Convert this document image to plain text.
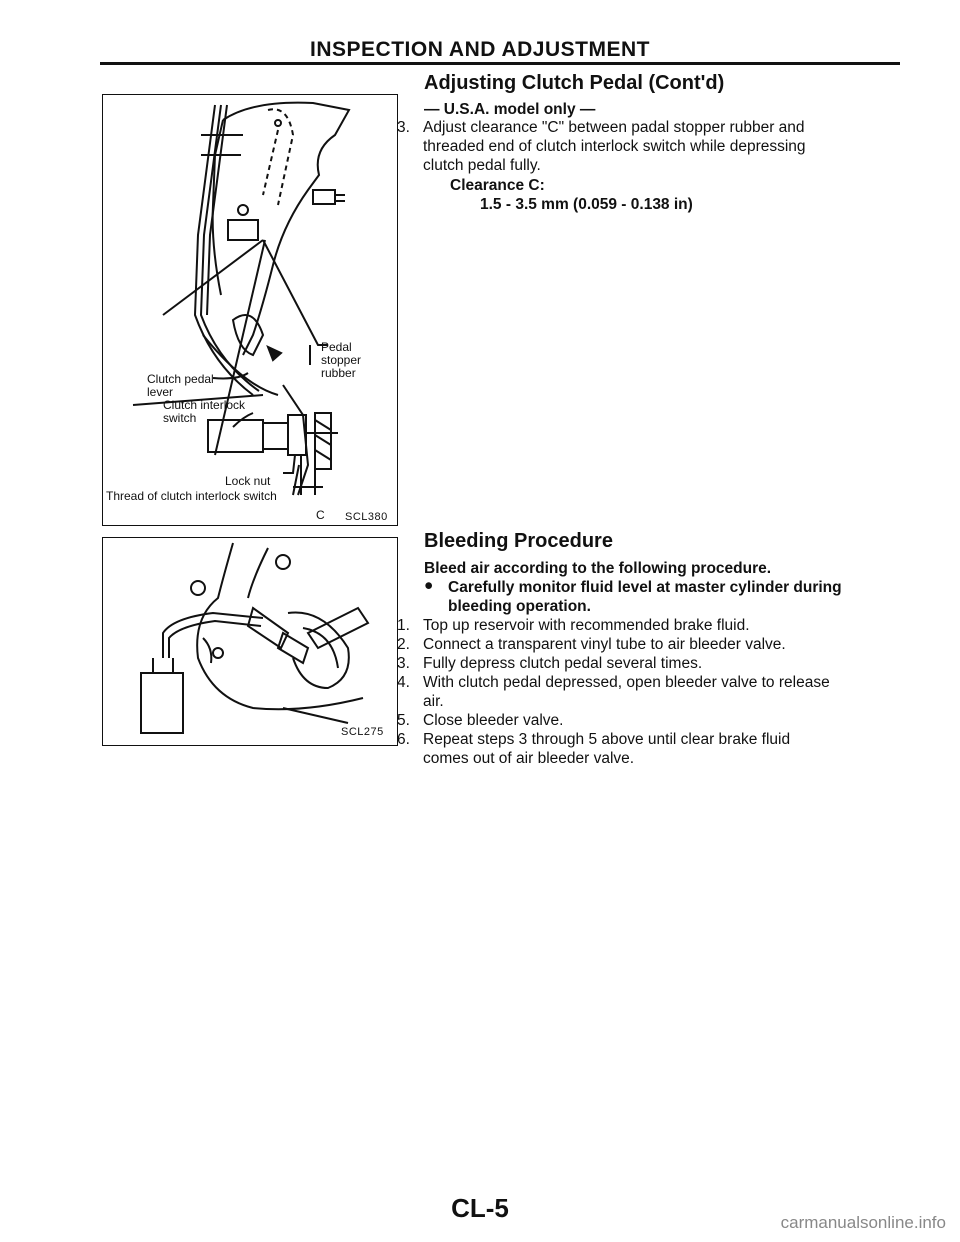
INSPECTION AND ADJUSTMENT
Pedal
stopper
rubber
Clutch pedal
lever
Clutch interlock
switch
Lock nut
Thread of clutch interlock switch
C SCL380
SCL275
Adjusting Clutch Pedal (Cont'd)
— U.S.A. model only —
3. Adjust clearance "C" between padal stopper rubber and
threaded end of clutch interlock switch while depressing
clutch pedal fully.
Clearance C:
1.5 - 3.5 mm (0.059 - 0.138 in)
Bleeding Procedure
Bleed air according to the following procedure.
● Carefully monitor fluid level at master cylinder during
bleeding operation.
1. Top up reservoir with recommended brake fluid.
2. Connect a transparent vinyl tube to air bleeder valve.
3. Fully depress clutch pedal several times.
4. With clutch pedal depressed, open bleeder valve to release
air.
5. Close bleeder valve.
6. Repeat steps 3 through 5 above until clear brake fluid
comes out of air bleeder valve.
CL-5	carmanualsonline.info
